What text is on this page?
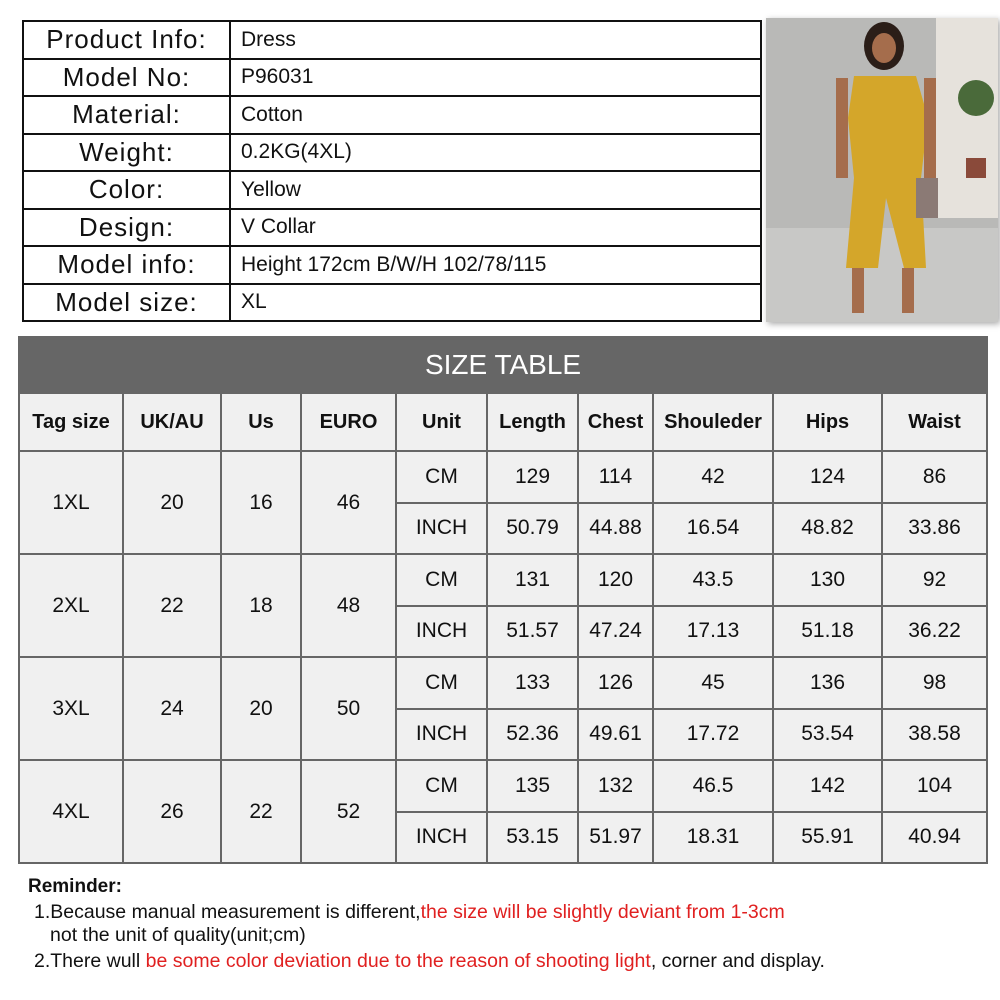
Product Info:	Dress
Model No:	P96031
Material:	Cotton
Weight:	0.2KG(4XL)
Color:	Yellow
Design:	V Collar
Model info:	Height 172cm B/W/H 102/78/115
Model size:	XL
SIZE TABLE									
Tag size	UK/AU	Us	EURO	Unit	Length	Chest	Shouleder	Hips	Waist
1XL	20	16	46	CM	129	114	42	124	86
				INCH	50.79	44.88	16.54	48.82	33.86
2XL	22	18	48	CM	131	120	43.5	130	92
				INCH	51.57	47.24	17.13	51.18	36.22
3XL	24	20	50	CM	133	126	45	136	98
				INCH	52.36	49.61	17.72	53.54	38.58
4XL	26	22	52	CM	135	132	46.5	142	104
				INCH	53.15	51.97	18.31	55.91	40.94
Reminder:
1.Because manual measurement is different,the size will be slightly deviant from 1-3cm
not the unit of quality(unit;cm)
2.There wull be some color deviation due to the reason of shooting light, corner and display.
